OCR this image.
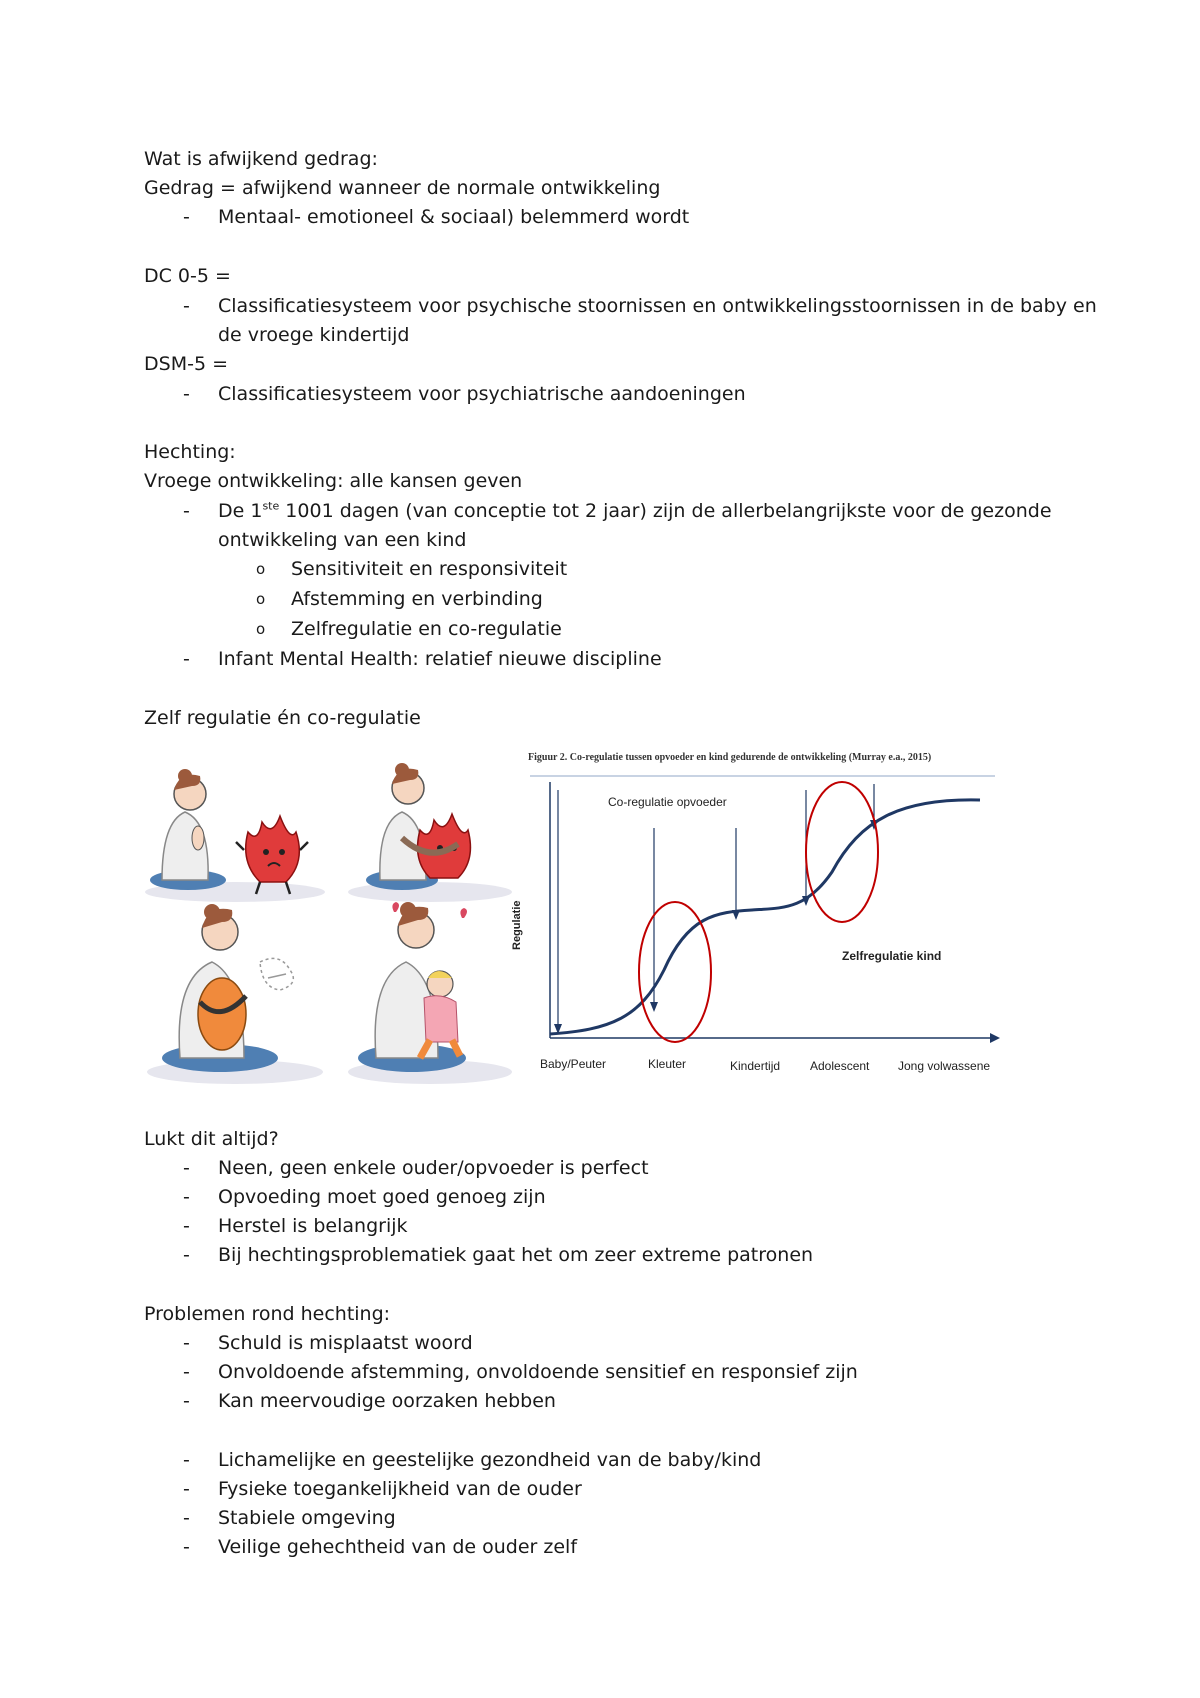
Wat is afwijkend gedrag:
Gedrag = afwijkend wanneer de normale ontwikkeling
- Mentaal- emotioneel & sociaal) belemmerd wordt
DC 0-5 =
- Classificatiesysteem voor psychische stoornissen en ontwikkelingsstoornissen in de baby en
de vroege kindertijd
DSM-5 =
- Classificatiesysteem voor psychiatrische aandoeningen
Hechting:
Vroege ontwikkeling: alle kansen geven
- De 1ste 1001 dagen (van conceptie tot 2 jaar) zijn de allerbelangrijkste voor de gezonde
ontwikkeling van een kind
o Sensitiviteit en responsiviteit
o Afstemming en verbinding
o Zelfregulatie en co-regulatie
- Infant Mental Health: relatief nieuwe discipline
Zelf regulatie én co-regulatie
Figuur 2. Co-regulatie tussen opvoeder en kind gedurende de ontwikkeling (Murray e.a., 2015)
Regulatie
Co-regulatie opvoeder
Zelfregulatie kind
Baby/Peuter	Kleuter	Kindertijd Adolescent Jong volwassene
Lukt dit altijd?
- Neen, geen enkele ouder/opvoeder is perfect
- Opvoeding moet goed genoeg zijn
- Herstel is belangrijk
- Bij hechtingsproblematiek gaat het om zeer extreme patronen
Problemen rond hechting:
- Schuld is misplaatst woord
- Onvoldoende afstemming, onvoldoende sensitief en responsief zijn
- Kan meervoudige oorzaken hebben
- Lichamelijke en geestelijke gezondheid van de baby/kind
- Fysieke toegankelijkheid van de ouder
- Stabiele omgeving
- Veilige gehechtheid van de ouder zelf
